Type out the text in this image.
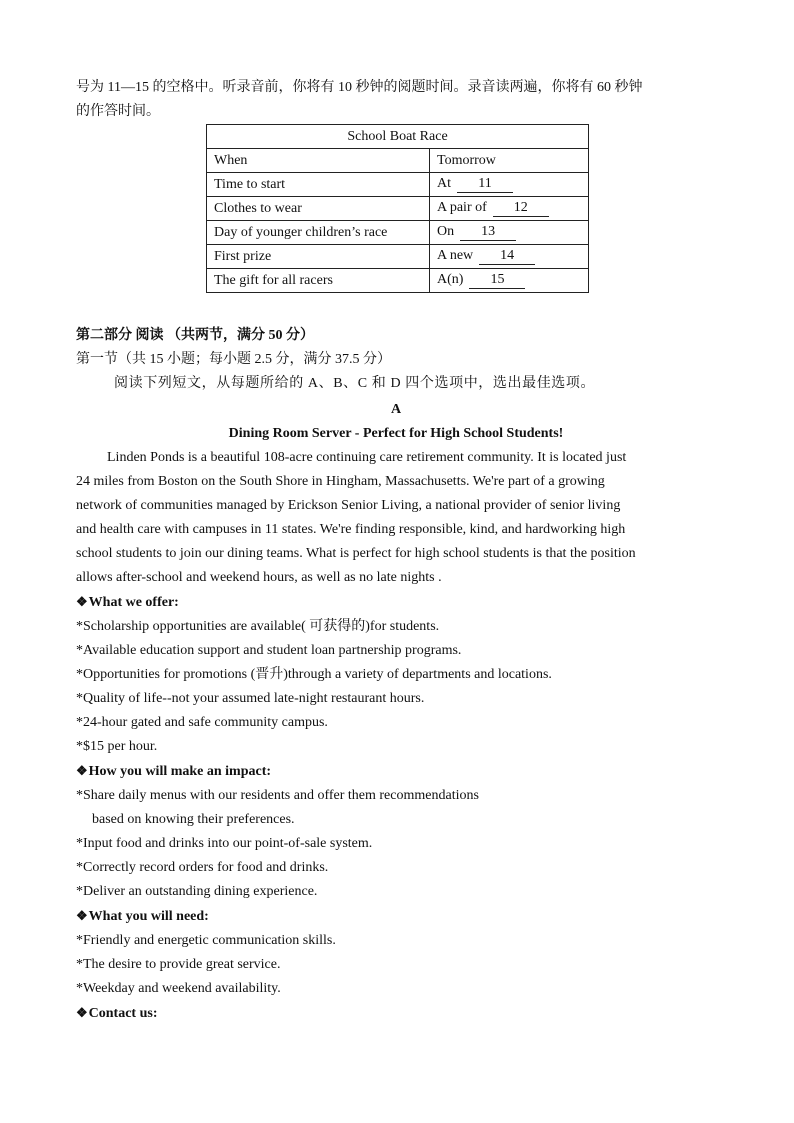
号为 11—15 的空格中。听录音前，你将有 10 秒钟的阅题时间。录音读两遍，你将有 60 秒钟

的作答时间。

School Boat Race	
When	Tomorrow
Time to start	At 11
Clothes to wear	A pair of 12
Day of younger children’s race	On 13
First prize	A new 14
The gift for all racers	A(n) 15

第二部分 阅读 （共两节，满分 50 分）

第一节（共 15 小题；每小题 2.5 分，满分 37.5 分）

阅读下列短文，从每题所给的 A、B、C 和 D 四个选项中，选出最佳选项。

A

Dining Room Server - Perfect for High School Students!

Linden Ponds is a beautiful 108-acre continuing care retirement community. It is located just

24 miles from Boston on the South Shore in Hingham, Massachusetts. We're part of a growing

network of communities managed by Erickson Senior Living, a national provider of senior living

and health care with campuses in 11 states. We're finding responsible, kind, and hardworking high

school students to join our dining teams. What is perfect for high school students is that the position

allows after-school and weekend hours, as well as no late nights .

❖What we offer:

*Scholarship opportunities are available( 可获得的)for students.

*Available education support and student loan partnership programs.

*Opportunities for promotions (晋升)through a variety of departments and locations.

*Quality of life--not your assumed late-night restaurant hours.

*24-hour gated and safe community campus.

*$15 per hour.

❖How you will make an impact:

*Share daily menus with our residents and offer them recommendations

based on knowing their preferences.

*Input food and drinks into our point-of-sale system.

*Correctly record orders for food and drinks.

*Deliver an outstanding dining experience.

❖What you will need:

*Friendly and energetic communication skills.

*The desire to provide great service.

*Weekday and weekend availability.

❖Contact us:
